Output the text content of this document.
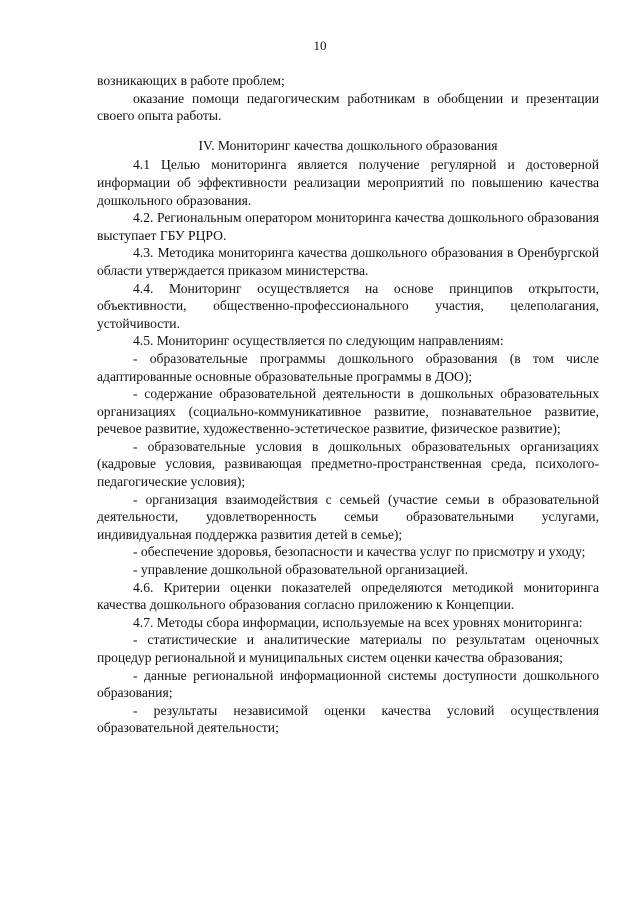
10

возникающих в работе проблем;

оказание помощи педагогическим работникам в обобщении и презентации своего опыта работы.

IV. Мониторинг качества дошкольного образования

4.1 Целью мониторинга является получение регулярной и достоверной информации об эффективности реализации мероприятий по повышению качества дошкольного образования.

4.2. Региональным оператором мониторинга качества дошкольного образования выступает ГБУ РЦРО.

4.3. Методика мониторинга качества дошкольного образования в Оренбургской области утверждается приказом министерства.

4.4. Мониторинг осуществляется на основе принципов открытости, объективности, общественно-профессионального участия, целеполагания, устойчивости.

4.5. Мониторинг осуществляется по следующим направлениям:

- образовательные программы дошкольного образования (в том числе адаптированные основные образовательные программы в ДОО);

- содержание образовательной деятельности в дошкольных образовательных организациях (социально-коммуникативное развитие, познавательное развитие, речевое развитие, художественно-эстетическое развитие, физическое развитие);

- образовательные условия в дошкольных образовательных организациях (кадровые условия, развивающая предметно-пространственная среда, психолого-педагогические условия);

- организация взаимодействия с семьей (участие семьи в образовательной деятельности, удовлетворенность семьи образовательными услугами, индивидуальная поддержка развития детей в семье);

- обеспечение здоровья, безопасности и качества услуг по присмотру и уходу;

- управление дошкольной образовательной организацией.

4.6. Критерии оценки показателей определяются методикой мониторинга качества дошкольного образования согласно приложению к Концепции.

4.7. Методы сбора информации, используемые на всех уровнях мониторинга:

- статистические и аналитические материалы по результатам оценочных процедур региональной и муниципальных систем оценки качества образования;

- данные региональной информационной системы доступности дошкольного образования;

- результаты независимой оценки качества условий осуществления образовательной деятельности;
